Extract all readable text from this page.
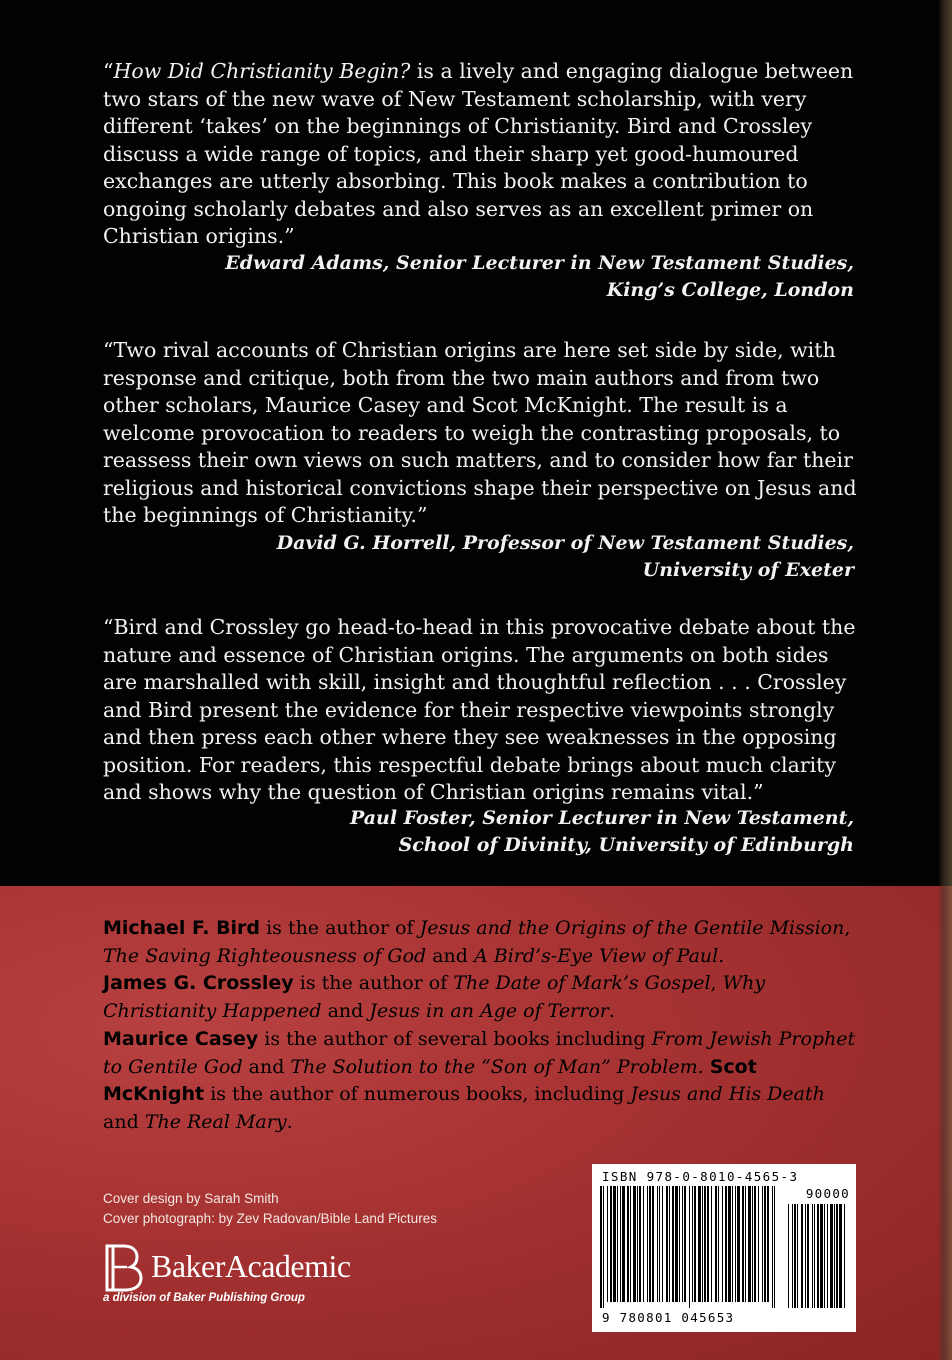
“How Did Christianity Begin? is a lively and engaging dialogue between two stars of the new wave of New Testament scholarship, with very different ‘takes’ on the beginnings of Christianity. Bird and Crossley discuss a wide range of topics, and their sharp yet good-humoured exchanges are utterly absorbing. This book makes a contribution to ongoing scholarly debates and also serves as an excellent primer on Christian origins.”
Edward Adams, Senior Lecturer in New Testament Studies,
King’s College, London
“Two rival accounts of Christian origins are here set side by side, with response and critique, both from the two main authors and from two other scholars, Maurice Casey and Scot McKnight. The result is a welcome provocation to readers to weigh the contrasting proposals, to reassess their own views on such matters, and to consider how far their religious and historical convictions shape their perspective on Jesus and the beginnings of Christianity.”
David G. Horrell, Professor of New Testament Studies,
University of Exeter
“Bird and Crossley go head-to-head in this provocative debate about the nature and essence of Christian origins. The arguments on both sides are marshalled with skill, insight and thoughtful reflection . . . Crossley and Bird present the evidence for their respective viewpoints strongly and then press each other where they see weaknesses in the opposing position. For readers, this respectful debate brings about much clarity and shows why the question of Christian origins remains vital.”
Paul Foster, Senior Lecturer in New Testament,
School of Divinity, University of Edinburgh
Michael F. Bird is the author of Jesus and the Origins of the Gentile Mission, The Saving Righteousness of God and A Bird’s-Eye View of Paul.
James G. Crossley is the author of The Date of Mark’s Gospel, Why Christianity Happened and Jesus in an Age of Terror.
Maurice Casey is the author of several books including From Jewish Prophet to Gentile God and The Solution to the “Son of Man” Problem. Scot McKnight is the author of numerous books, including Jesus and His Death and The Real Mary.
Cover design by Sarah Smith
Cover photograph: by Zev Radovan/Bible Land Pictures
BakerAcademic
a division of Baker Publishing Group
ISBN 978-0-8010-4565-3
90000
9 780801 045653
